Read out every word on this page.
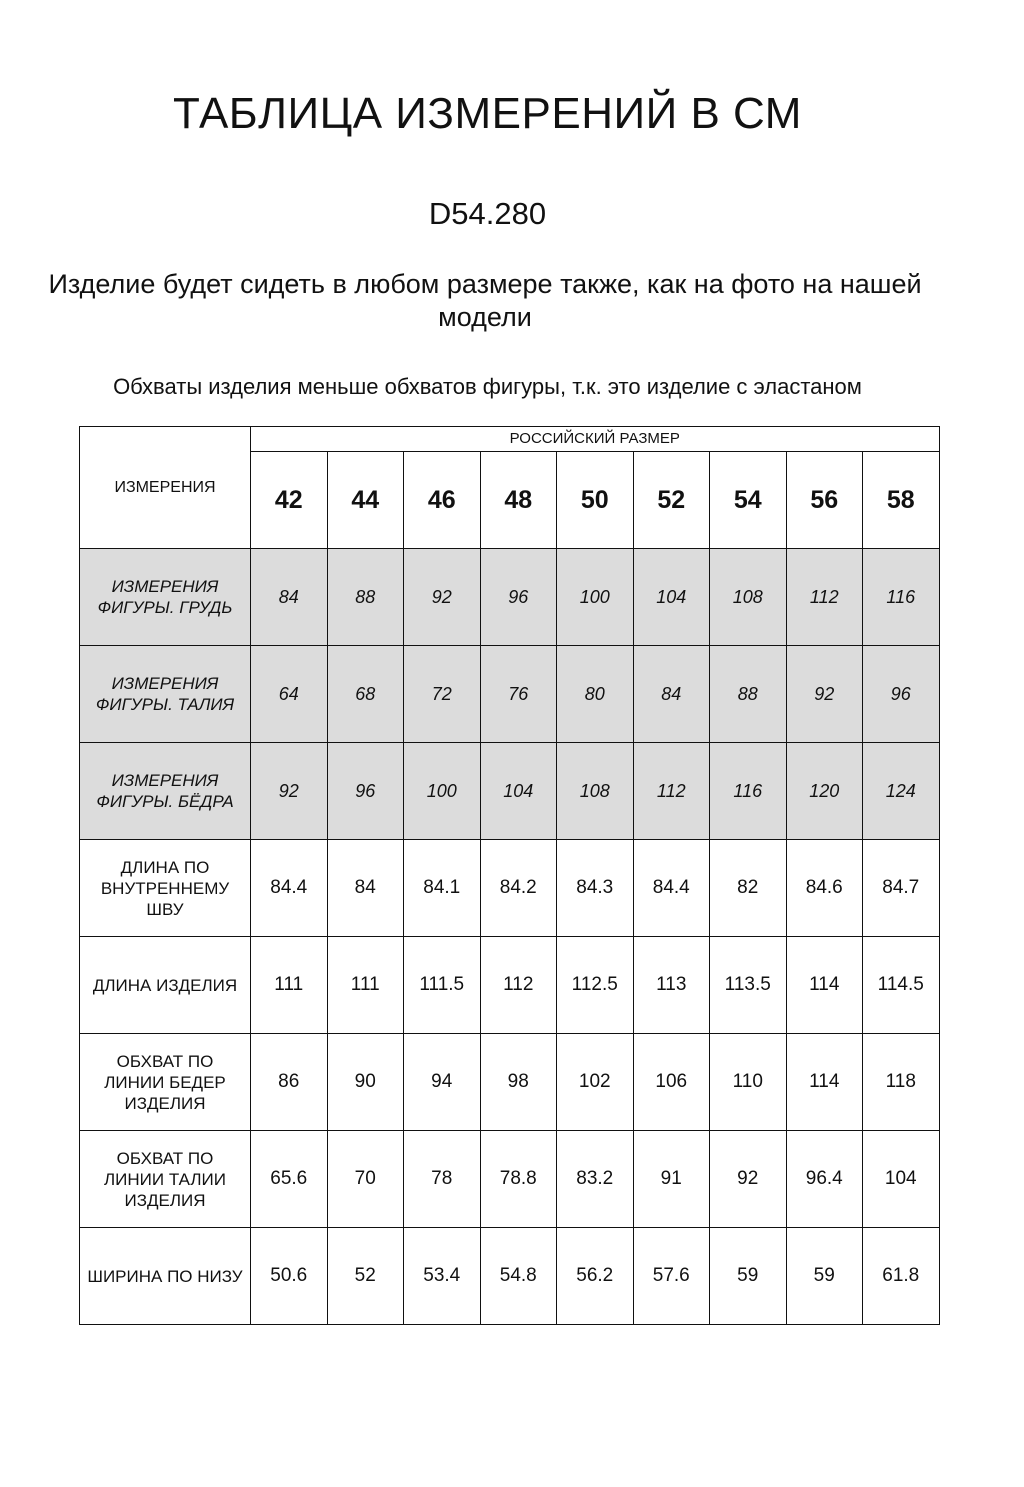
ТАБЛИЦА ИЗМЕРЕНИЙ В СМ
D54.280
Изделие будет сидеть в любом размере также, как на фото на нашей модели
Обхваты изделия меньше обхватов фигуры, т.к. это изделие с эластаном
ИЗМЕРЕНИЯ	РОССИЙСКИЙ РАЗМЕР								
	42	44	46	48	50	52	54	56	58
ИЗМЕРЕНИЯ ФИГУРЫ. ГРУДЬ	84	88	92	96	100	104	108	112	116
ИЗМЕРЕНИЯ ФИГУРЫ. ТАЛИЯ	64	68	72	76	80	84	88	92	96
ИЗМЕРЕНИЯ ФИГУРЫ. БЁДРА	92	96	100	104	108	112	116	120	124
ДЛИНА ПО ВНУТРЕННЕМУ ШВУ	84.4	84	84.1	84.2	84.3	84.4	82	84.6	84.7
ДЛИНА ИЗДЕЛИЯ	111	111	111.5	112	112.5	113	113.5	114	114.5
ОБХВАТ ПО ЛИНИИ БЕДЕР ИЗДЕЛИЯ	86	90	94	98	102	106	110	114	118
ОБХВАТ ПО ЛИНИИ ТАЛИИ ИЗДЕЛИЯ	65.6	70	78	78.8	83.2	91	92	96.4	104
ШИРИНА ПО НИЗУ	50.6	52	53.4	54.8	56.2	57.6	59	59	61.8
